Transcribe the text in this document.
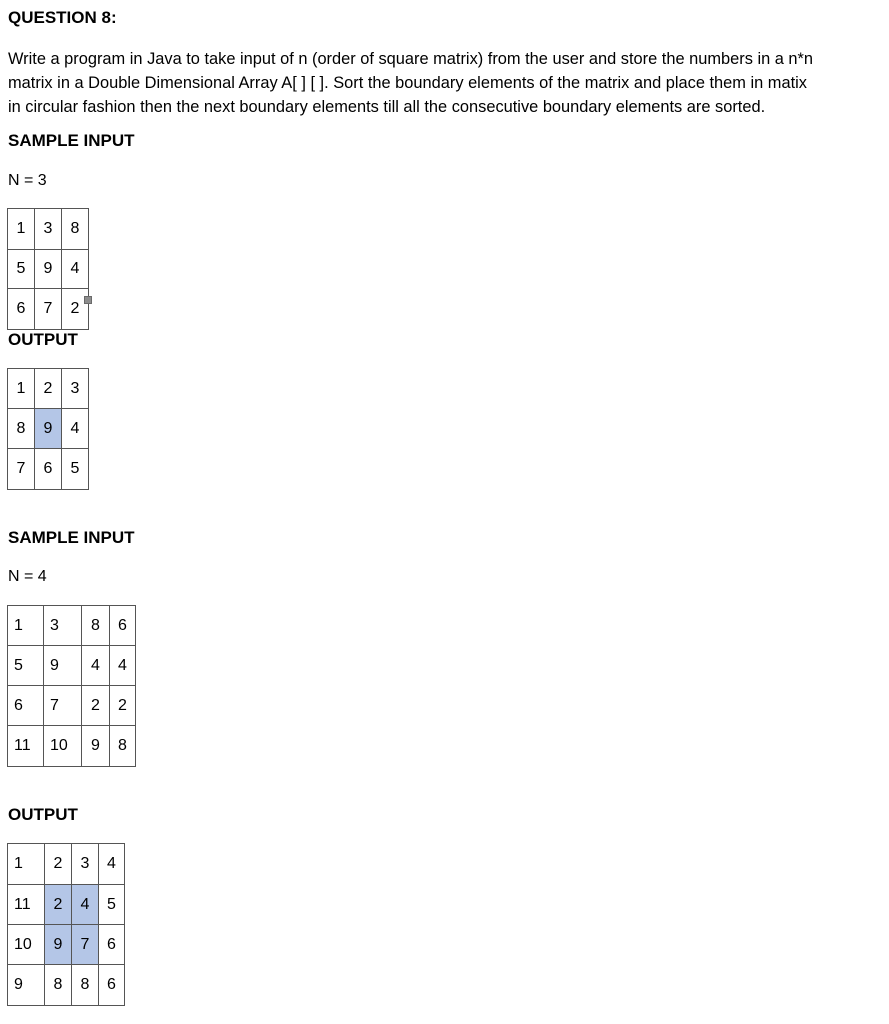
QUESTION 8:
Write a program in Java to take input of n (order of square matrix) from the user and store the numbers in a n*n
matrix in a Double Dimensional Array A[ ] [ ]. Sort the boundary elements of the matrix and place them in matix
in circular fashion then the next boundary elements till all the consecutive boundary elements are sorted.
SAMPLE INPUT
N = 3
1	3	8
5	9	4
6	7	2
OUTPUT
1	2	3
8	9	4
7	6	5
SAMPLE INPUT
N = 4
1	3	8	6
5	9	4	4
6	7	2	2
11	10	9	8
OUTPUT
1	2	3	4
11	2	4	5
10	9	7	6
9	8	8	6
